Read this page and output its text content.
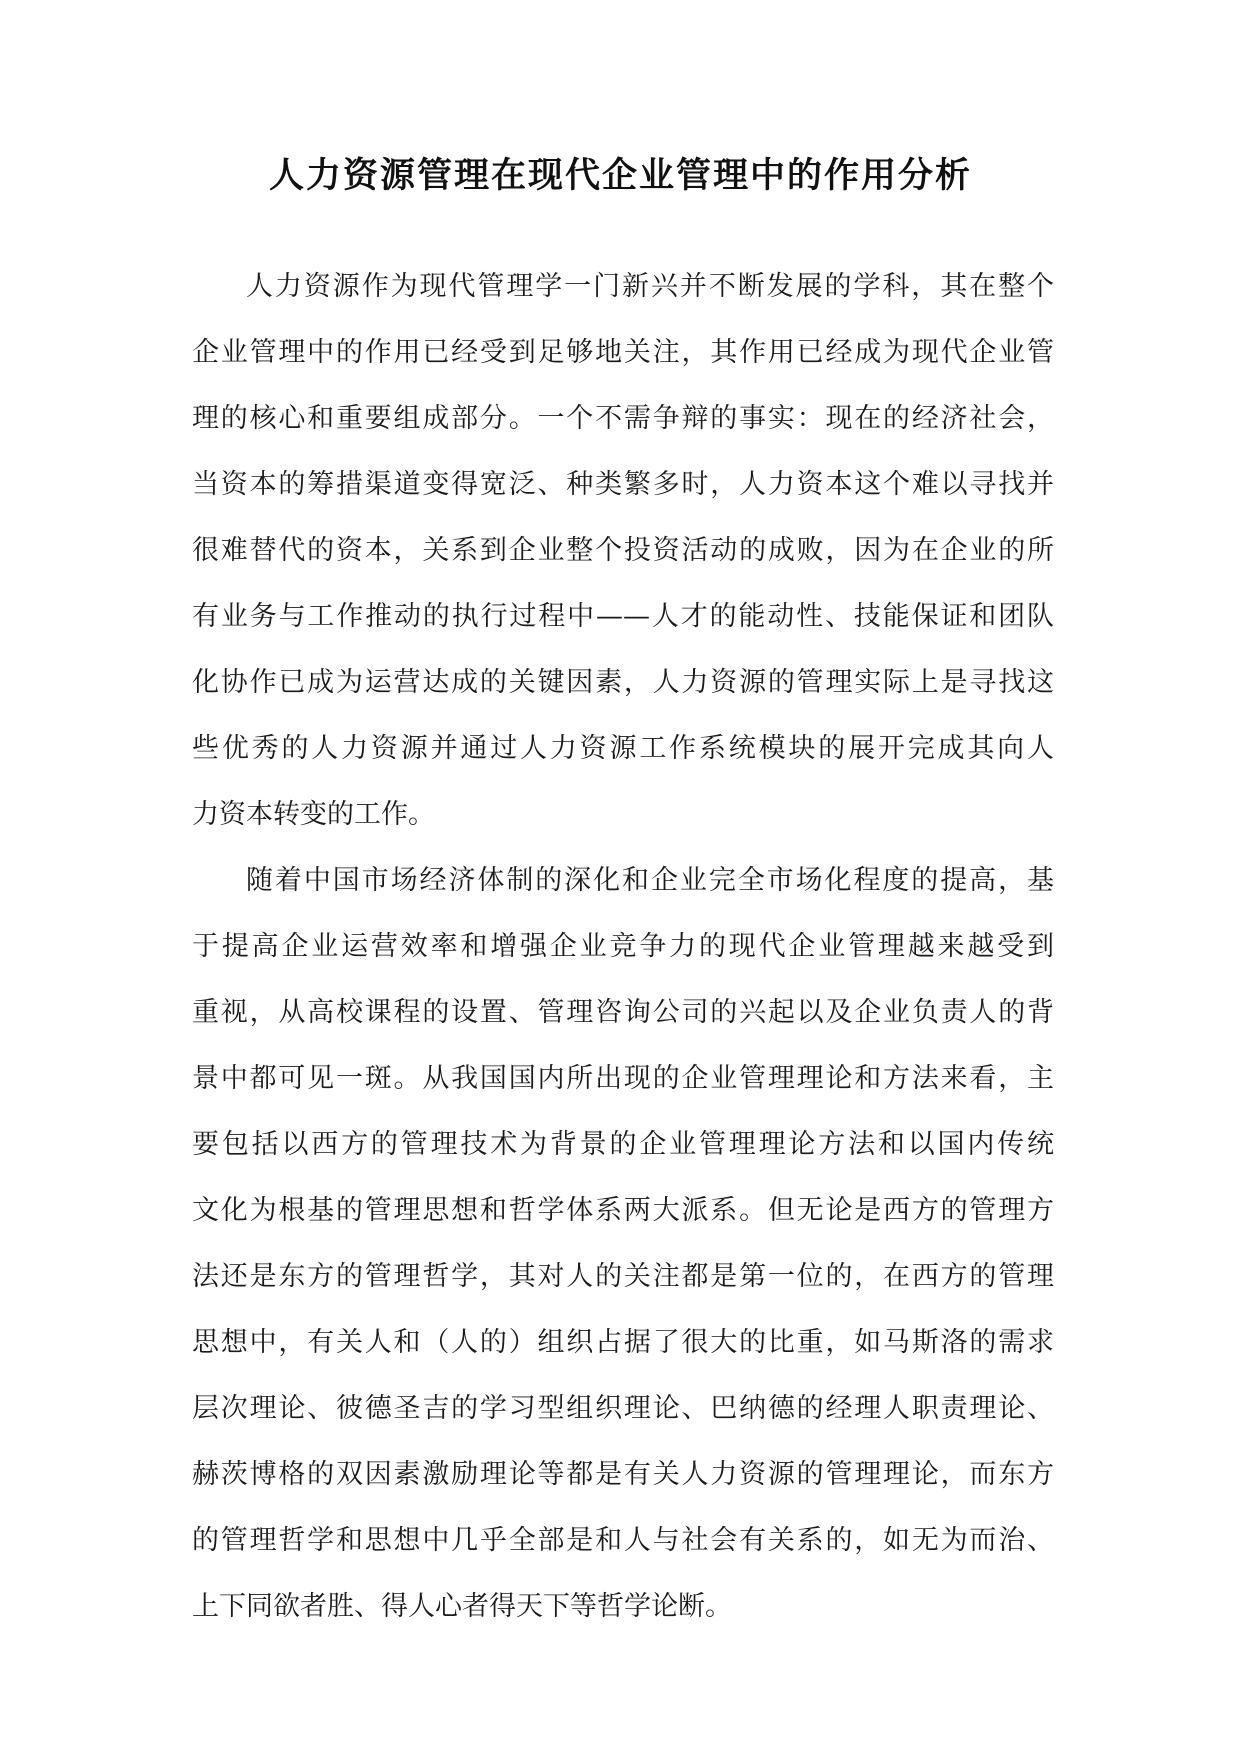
人力资源管理在现代企业管理中的作用分析
人力资源作为现代管理学一门新兴并不断发展的学科，其在整个
企业管理中的作用已经受到足够地关注，其作用已经成为现代企业管
理的核心和重要组成部分。一个不需争辩的事实：现在的经济社会，
当资本的筹措渠道变得宽泛、种类繁多时，人力资本这个难以寻找并
很难替代的资本，关系到企业整个投资活动的成败，因为在企业的所
有业务与工作推动的执行过程中——人才的能动性、技能保证和团队
化协作已成为运营达成的关键因素，人力资源的管理实际上是寻找这
些优秀的人力资源并通过人力资源工作系统模块的展开完成其向人
力资本转变的工作。
随着中国市场经济体制的深化和企业完全市场化程度的提高，基
于提高企业运营效率和增强企业竞争力的现代企业管理越来越受到
重视，从高校课程的设置、管理咨询公司的兴起以及企业负责人的背
景中都可见一斑。从我国国内所出现的企业管理理论和方法来看，主
要包括以西方的管理技术为背景的企业管理理论方法和以国内传统
文化为根基的管理思想和哲学体系两大派系。但无论是西方的管理方
法还是东方的管理哲学，其对人的关注都是第一位的，在西方的管理
思想中，有关人和（人的）组织占据了很大的比重，如马斯洛的需求
层次理论、彼德圣吉的学习型组织理论、巴纳德的经理人职责理论、
赫茨博格的双因素激励理论等都是有关人力资源的管理理论，而东方
的管理哲学和思想中几乎全部是和人与社会有关系的，如无为而治、
上下同欲者胜、得人心者得天下等哲学论断。
